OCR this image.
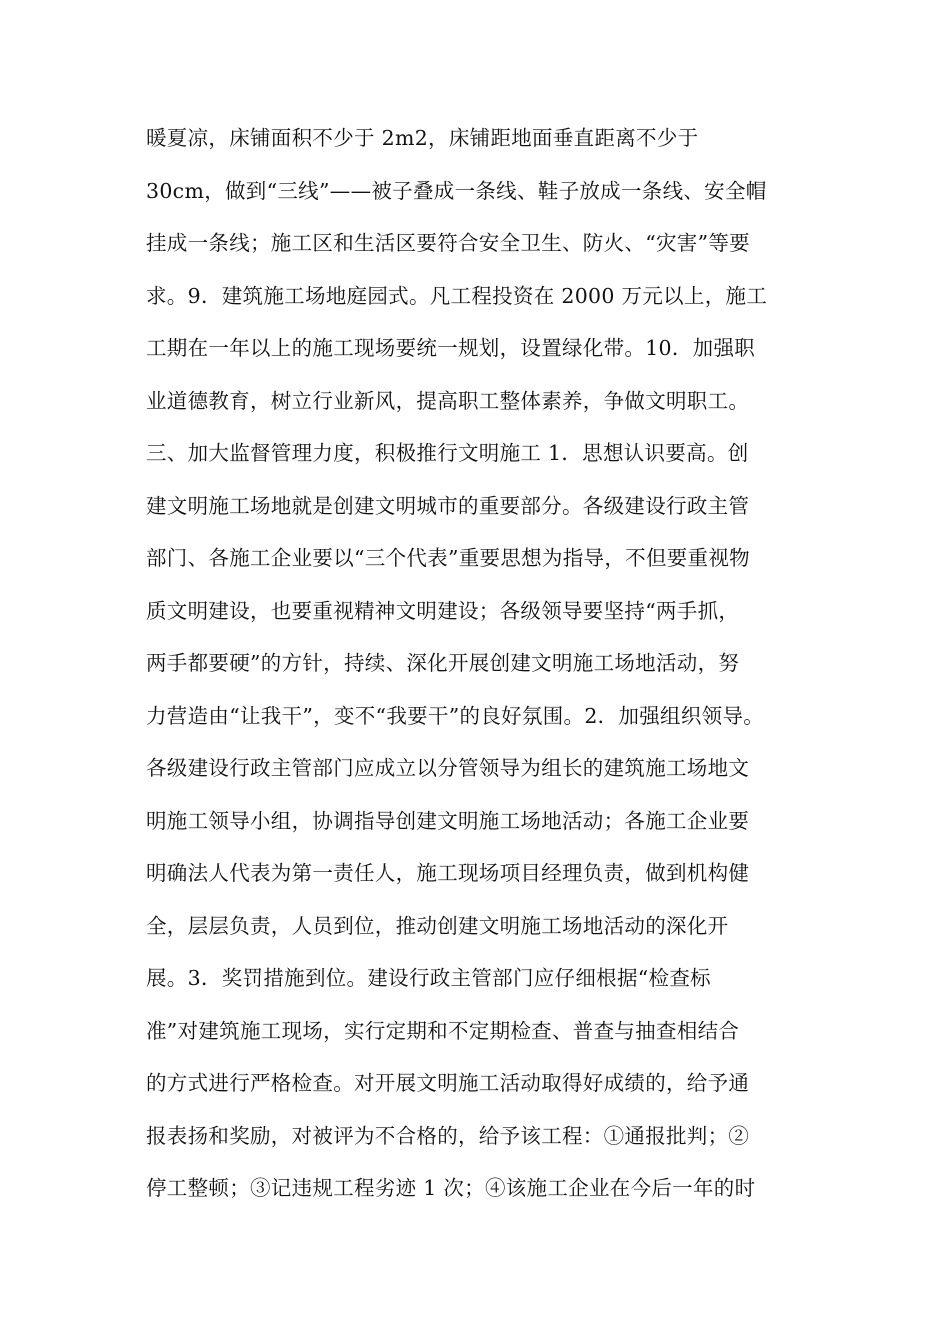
暖夏凉，床铺面积不少于 2m2，床铺距地面垂直距离不少于
30cm，做到“三线”——被子叠成一条线、鞋子放成一条线、安全帽
挂成一条线；施工区和生活区要符合安全卫生、防火、“灾害”等要
求。9．建筑施工场地庭园式。凡工程投资在 2000 万元以上，施工
工期在一年以上的施工现场要统一规划，设置绿化带。10．加强职
业道德教育，树立行业新风，提高职工整体素养，争做文明职工。
三、加大监督管理力度，积极推行文明施工 1．思想认识要高。创
建文明施工场地就是创建文明城市的重要部分。各级建设行政主管
部门、各施工企业要以“三个代表”重要思想为指导，不但要重视物
质文明建设，也要重视精神文明建设；各级领导要坚持“两手抓，
两手都要硬”的方针，持续、深化开展创建文明施工场地活动，努
力营造由“让我干”，变不“我要干”的良好氛围。2．加强组织领导。
各级建设行政主管部门应成立以分管领导为组长的建筑施工场地文
明施工领导小组，协调指导创建文明施工场地活动；各施工企业要
明确法人代表为第一责任人，施工现场项目经理负责，做到机构健
全，层层负责，人员到位，推动创建文明施工场地活动的深化开
展。3．奖罚措施到位。建设行政主管部门应仔细根据“检查标
准”对建筑施工现场，实行定期和不定期检查、普查与抽查相结合
的方式进行严格检查。对开展文明施工活动取得好成绩的，给予通
报表扬和奖励，对被评为不合格的，给予该工程：①通报批判；②
停工整顿；③记违规工程劣迹 1 次；④该施工企业在今后一年的时
